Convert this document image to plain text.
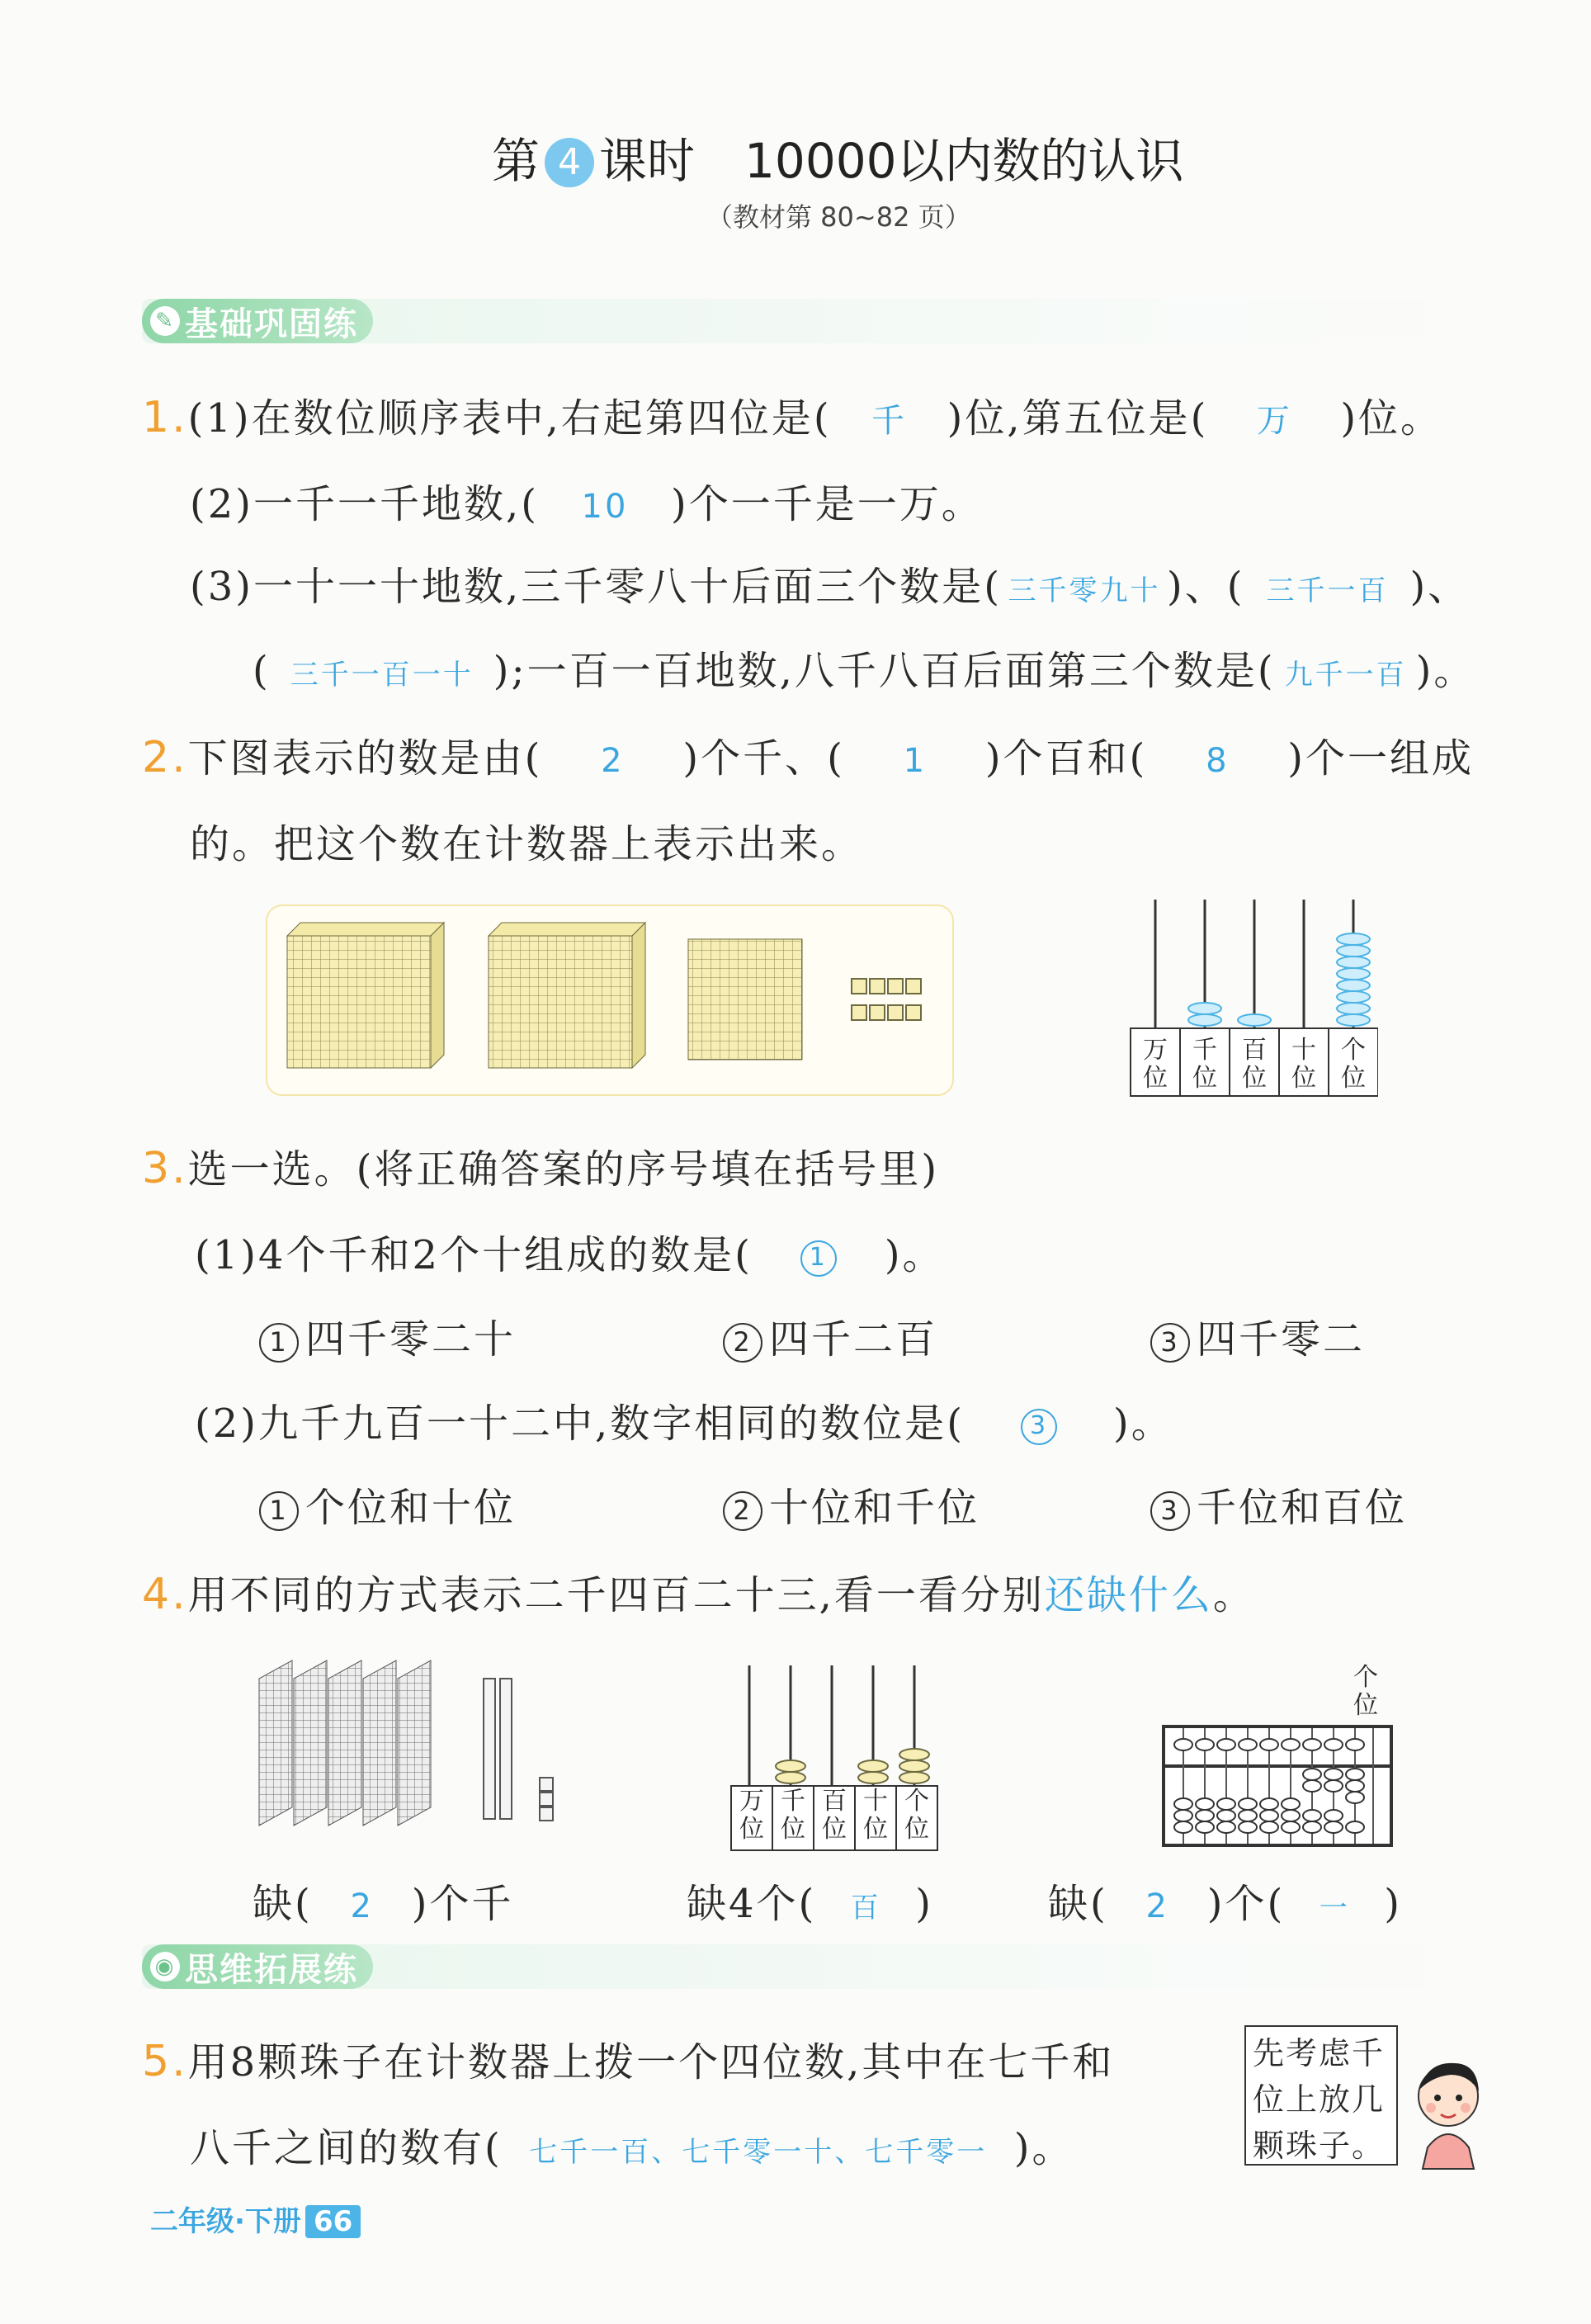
第 4 课时 10000以内数的认识
（教材第 80~82 页）
✎ 基础巩固练
1.(1)在数位顺序表中,右起第四位是( 千 )位,第五位是( 万 )位。
(2)一千一千地数,( 10 )个一千是一万。
(3)一十一十地数,三千零八十后面三个数是( 三千零九十 )、( 三千一百 )、
( 三千一百一十 );一百一百地数,八千八百后面第三个数是( 九千一百 )。
2.下图表示的数是由( 2 )个千、( 1 )个百和( 8 )个一组成
的。把这个数在计数器上表示出来。
万
位
千
位
百
位
十
位
个
位
3.选一选。(将正确答案的序号填在括号里)
(1)4个千和2个十组成的数是( 1 )。
1 四千零二十	2 四千二百	3 四千零二
(2)九千九百一十二中,数字相同的数位是(	3 )。
1 个位和十位	2 十位和千位	3 千位和百位
4.用不同的方式表示二千四百二十三,看一看分别还缺什么。
万
位
千
位
百
位
十
位
个
位
个
位
缺( 2 )个千	缺4个( 百 )	缺( 2 )个( 一 )
◉ 思维拓展练
5.用8颗珠子在计数器上拨一个四位数,其中在七千和
八千之间的数有( 七千一百、七千零一十、七千零一 )。
先考虑千位上放几颗珠子。
二年级·下册 66
